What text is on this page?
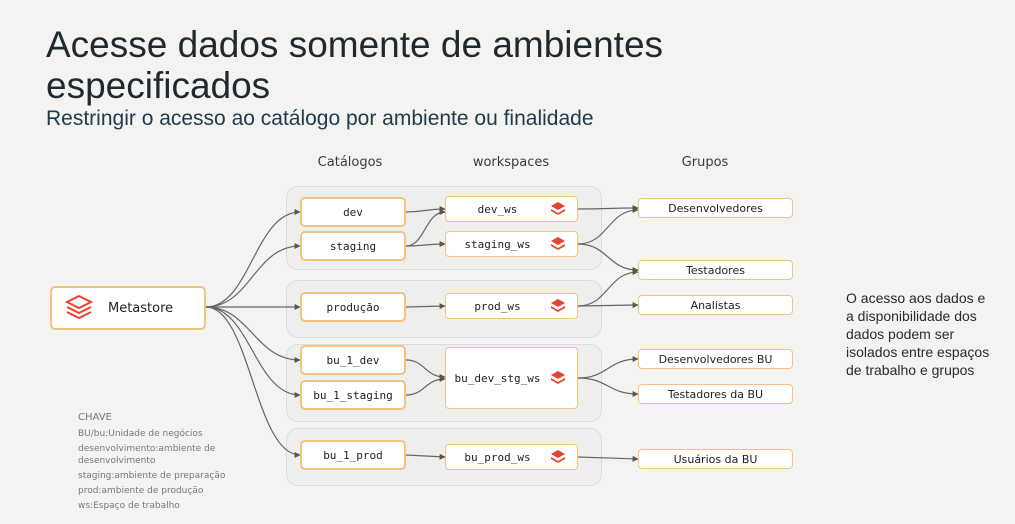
Acesse dados somente de ambientes especificados
Restringir o acesso ao catálogo por ambiente ou finalidade
Catálogos	workspaces	Grupos
Metastore
dev
staging
produção
bu_1_dev
bu_1_staging
bu_1_prod
dev_ws
staging_ws
prod_ws
bu_dev_stg_ws
bu_prod_ws
Desenvolvedores
Testadores
Analistas
Desenvolvedores BU
Testadores da BU
Usuários da BU
O acesso aos dados e a disponibilidade dos dados podem ser isolados entre espaços de trabalho e grupos
CHAVE
BU/bu:Unidade de negócios
desenvolvimento:ambiente de desenvolvimento
staging:ambiente de preparação
prod:ambiente de produção
ws:Espaço de trabalho
